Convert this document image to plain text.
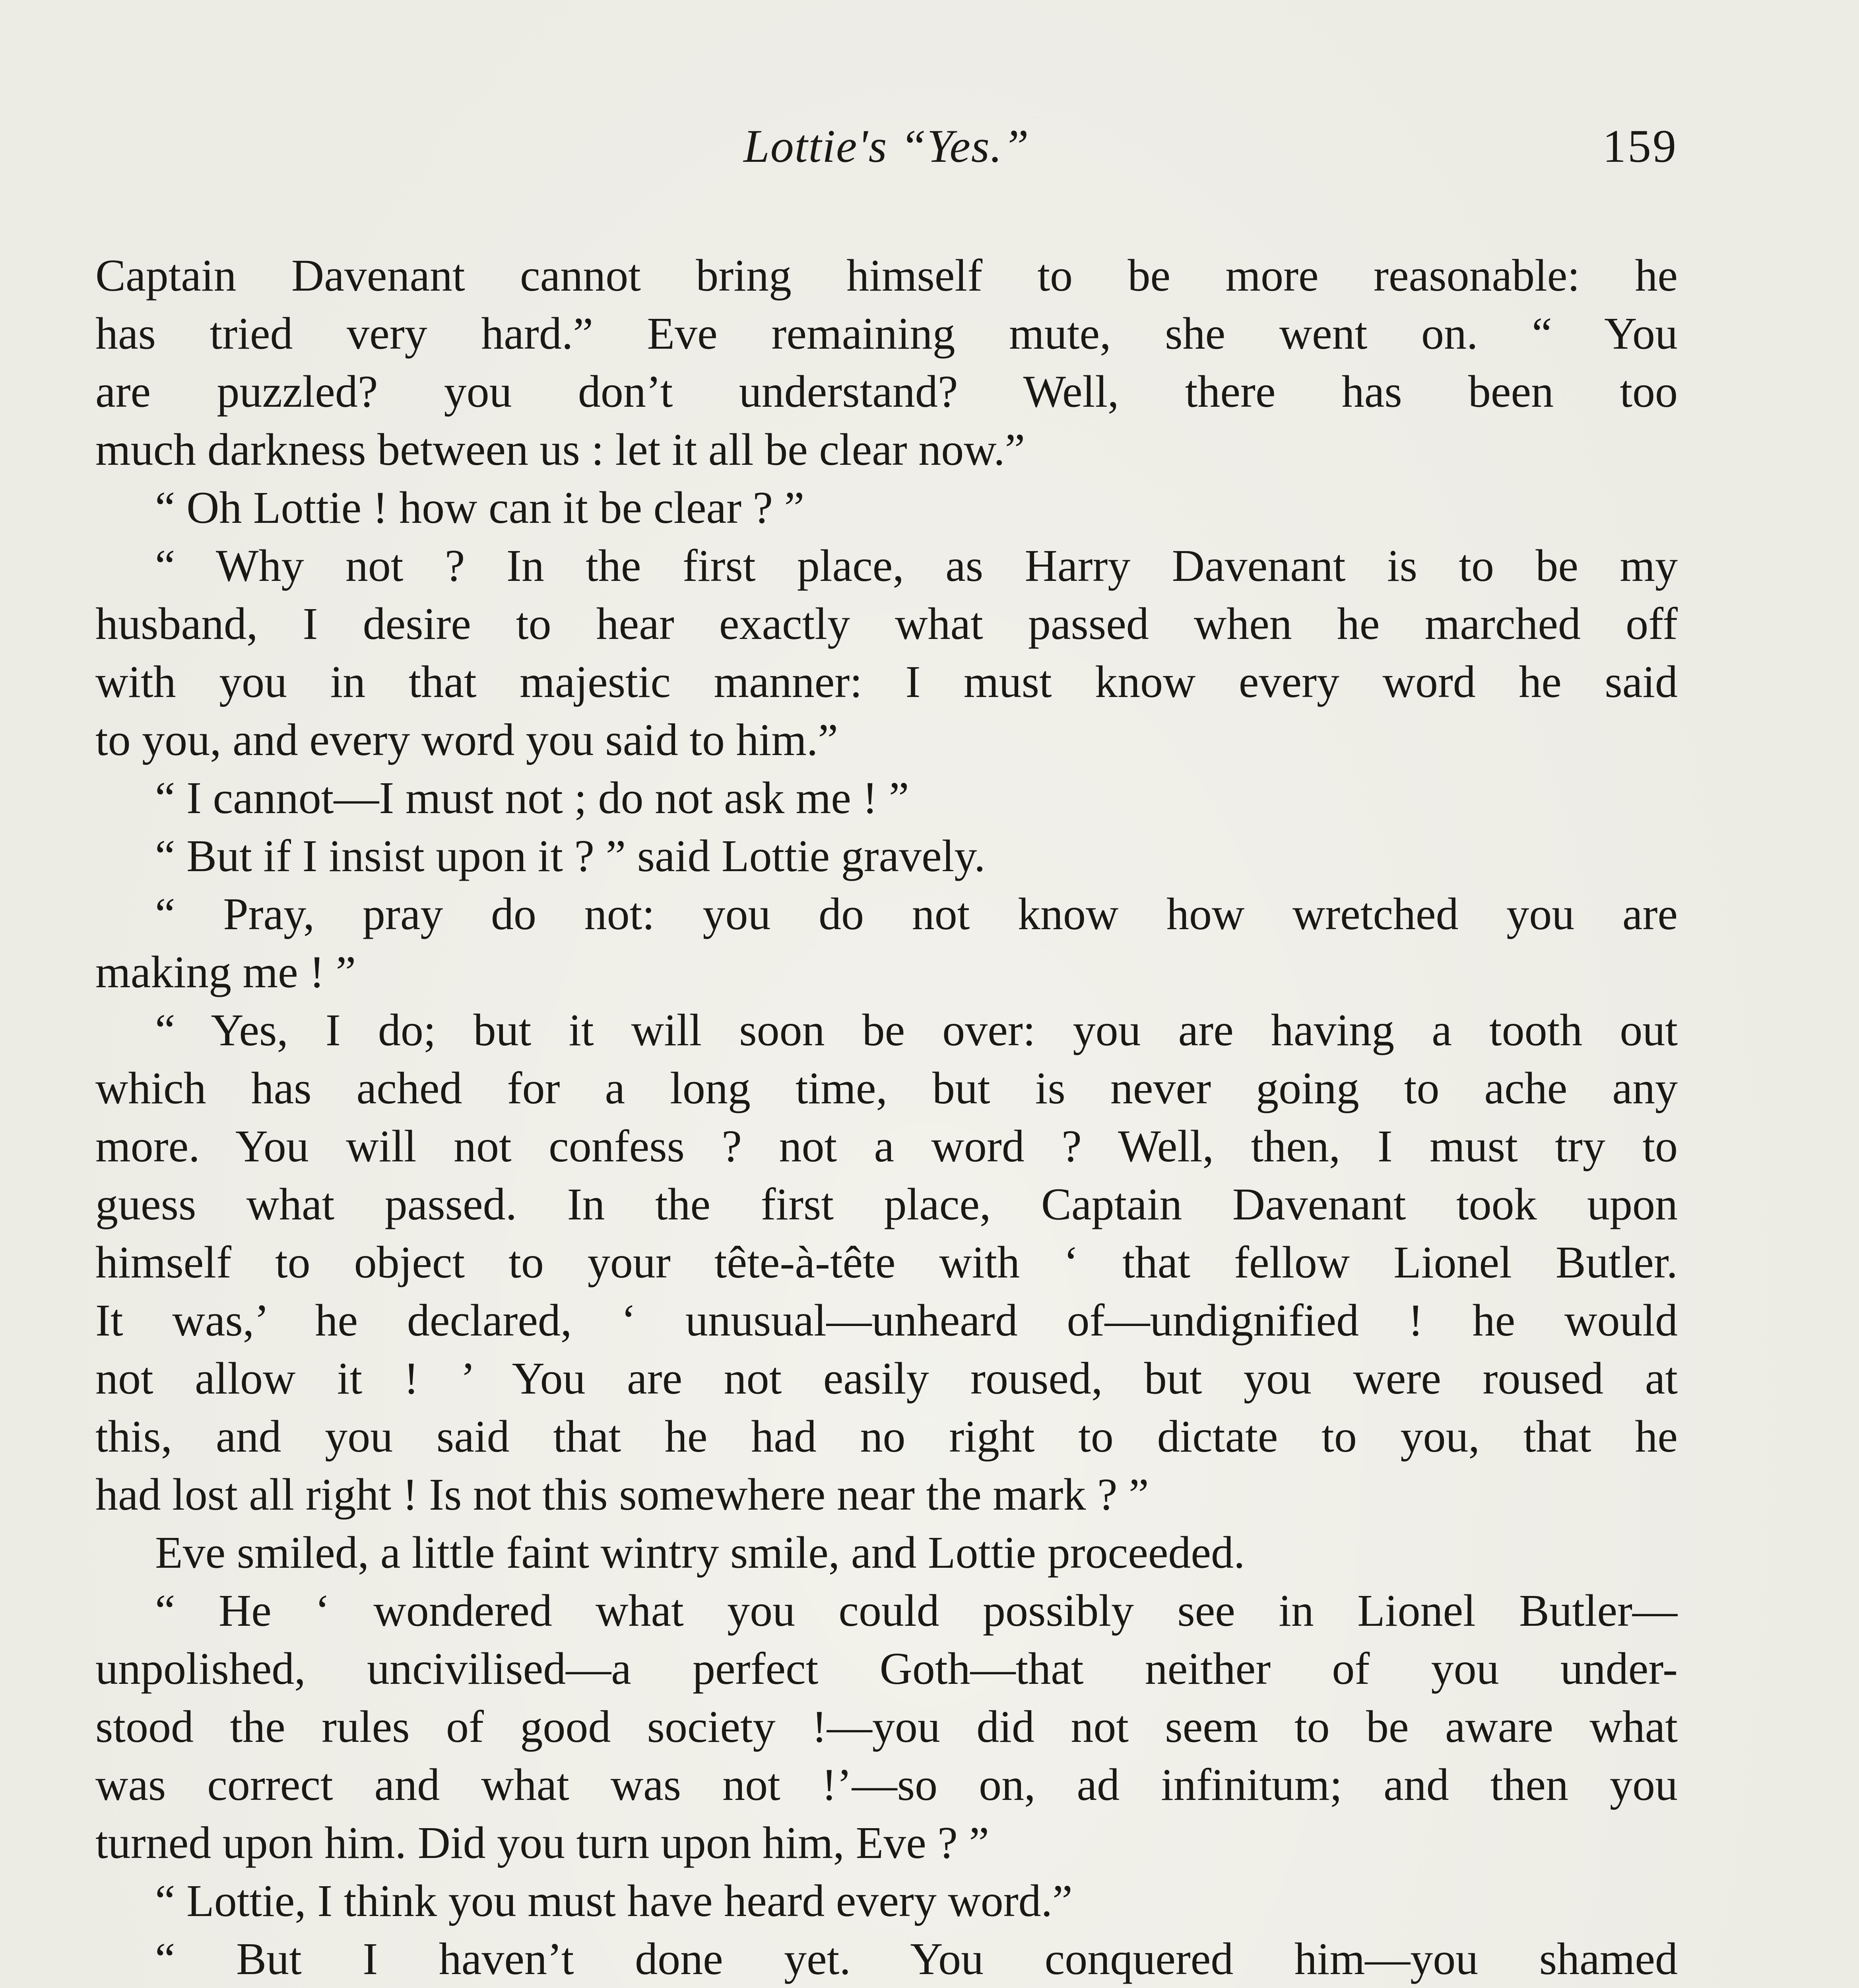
Lottie's “Yes.”	159
Captain Davenant cannot bring himself to be more reasonable: he
has tried very hard.” Eve remaining mute, she went on. “ You
are puzzled? you don’t understand? Well, there has been too
much darkness between us : let it all be clear now.”
“ Oh Lottie ! how can it be clear ? ”
“ Why not ? In the first place, as Harry Davenant is to be my
husband, I desire to hear exactly what passed when he marched off
with you in that majestic manner: I must know every word he said
to you, and every word you said to him.”
“ I cannot—I must not ; do not ask me ! ”
“ But if I insist upon it ? ” said Lottie gravely.
“ Pray, pray do not: you do not know how wretched you are
making me ! ”
“ Yes, I do; but it will soon be over: you are having a tooth out
which has ached for a long time, but is never going to ache any
more. You will not confess ? not a word ? Well, then, I must try to
guess what passed. In the first place, Captain Davenant took upon
himself to object to your tête-à-tête with ‘ that fellow Lionel Butler.
It was,’ he declared, ‘ unusual—unheard of—undignified ! he would
not allow it ! ’ You are not easily roused, but you were roused at
this, and you said that he had no right to dictate to you, that he
had lost all right ! Is not this somewhere near the mark ? ”
Eve smiled, a little faint wintry smile, and Lottie proceeded.
“ He ‘ wondered what you could possibly see in Lionel Butler—
unpolished, uncivilised—a perfect Goth—that neither of you under-
stood the rules of good society !—you did not seem to be aware what
was correct and what was not !’—so on, ad infinitum; and then you
turned upon him. Did you turn upon him, Eve ? ”
“ Lottie, I think you must have heard every word.”
“ But I haven’t done yet. You conquered him—you shamed
